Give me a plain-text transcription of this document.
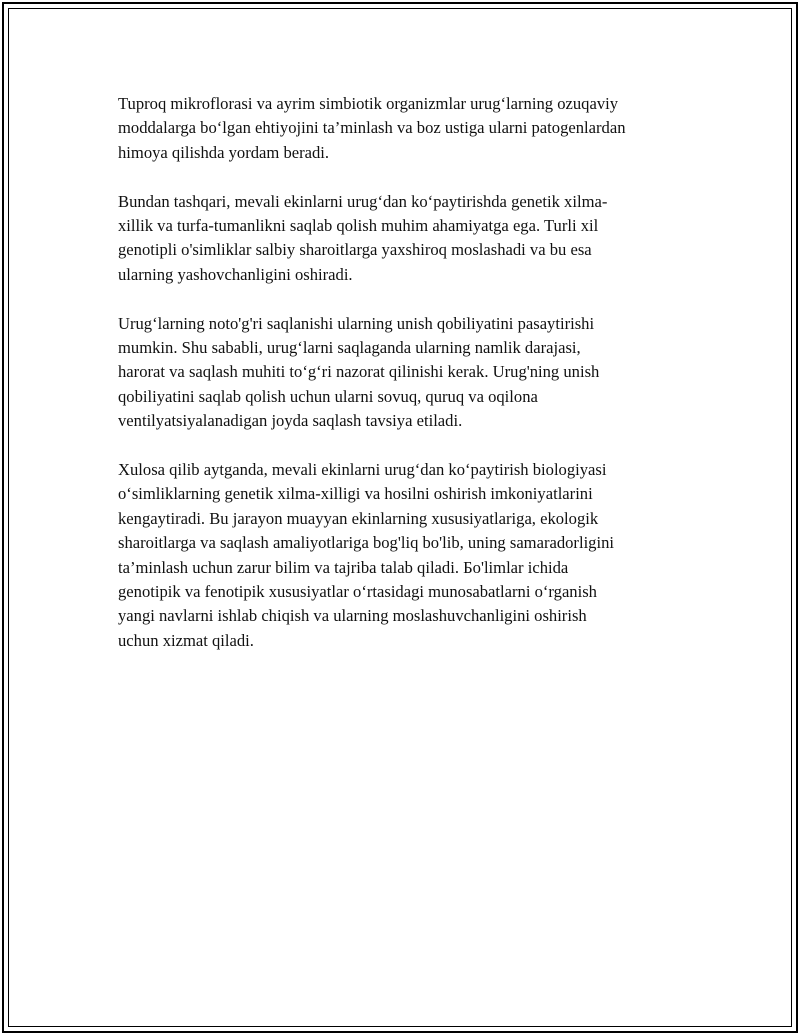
Tuproq mikroflorasi va ayrim simbiotik organizmlar urug‘larning ozuqaviy
moddalarga bo‘lgan ehtiyojini ta’minlash va boz ustiga ularni patogenlardan
himoya qilishda yordam beradi.

Bundan tashqari, mevali ekinlarni urug‘dan ko‘paytirishda genetik xilma-
xillik va turfa-tumanlikni saqlab qolish muhim ahamiyatga ega. Turli xil
genotipli o'simliklar salbiy sharoitlarga yaxshiroq moslashadi va bu esa
ularning yashovchanligini oshiradi.

Urug‘larning noto'g'ri saqlanishi ularning unish qobiliyatini pasaytirishi
mumkin. Shu sababli, urug‘larni saqlaganda ularning namlik darajasi,
harorat va saqlash muhiti to‘g‘ri nazorat qilinishi kerak. Urug'ning unish
qobiliyatini saqlab qolish uchun ularni sovuq, quruq va oqilona
ventilyatsiyalanadigan joyda saqlash tavsiya etiladi.

Xulosa qilib aytganda, mevali ekinlarni urug‘dan ko‘paytirish biologiyasi
o‘simliklarning genetik xilma-xilligi va hosilni oshirish imkoniyatlarini
kengaytiradi. Bu jarayon muayyan ekinlarning xususiyatlariga, ekologik
sharoitlarga va saqlash amaliyotlariga bog'liq bo'lib, uning samaradorligini
ta’minlash uchun zarur bilim va tajriba talab qiladi. Бo'limlar ichida
genotipik va fenotipik xususiyatlar o‘rtasidagi munosabatlarni o‘rganish
yangi navlarni ishlab chiqish va ularning moslashuvchanligini oshirish
uchun xizmat qiladi.
